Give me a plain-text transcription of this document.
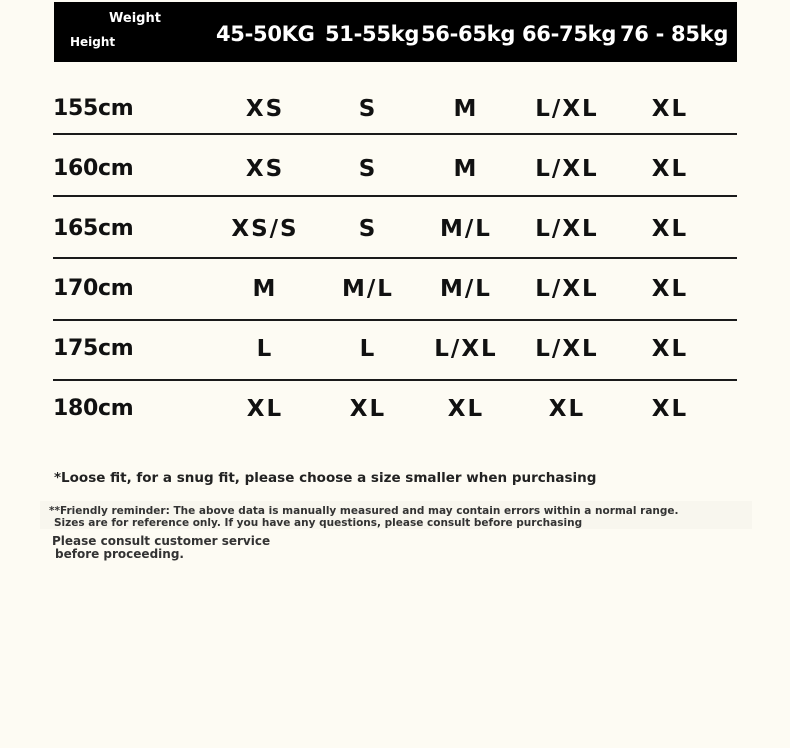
Weight
Height	45-50KG 51-55kg 56-65kg 66-75kg 76 - 85kg
155cm	XS	S	M	L/XL	XL
160cm	XS	S	M	L/XL	XL
165cm	XS/S	S	M/L	L/XL	XL
170cm	M	M/L	M/L	L/XL	XL
175cm	L	L	L/XL	L/XL	XL
180cm	XL	XL	XL	XL	XL
*Loose fit, for a snug fit, please choose a size smaller when purchasing
**Friendly reminder: The above data is manually measured and may contain errors within a normal range.
Sizes are for reference only. If you have any questions, please consult before purchasing
Please consult customer service
before proceeding.
